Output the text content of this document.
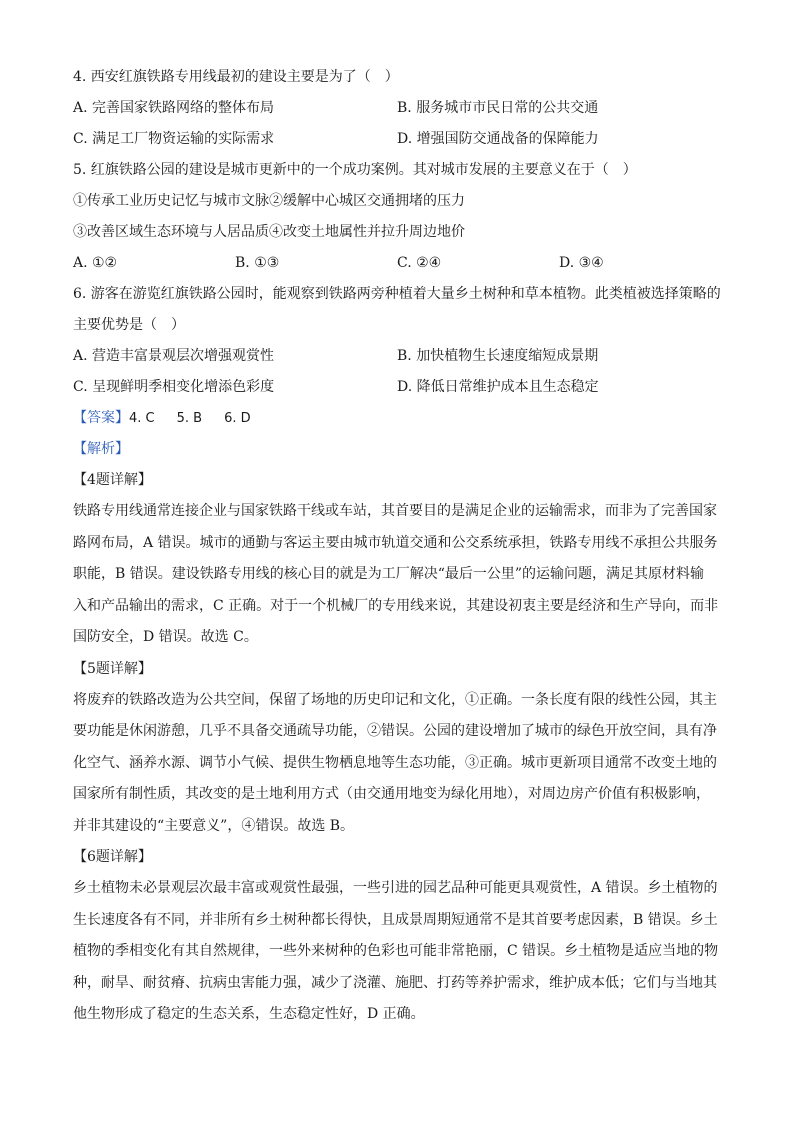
4. 西安红旗铁路专用线最初的建设主要是为了（　）
A. 完善国家铁路网络的整体布局	B. 服务城市市民日常的公共交通
C. 满足工厂物资运输的实际需求	D. 增强国防交通战备的保障能力
5. 红旗铁路公园的建设是城市更新中的一个成功案例。其对城市发展的主要意义在于（　）
①传承工业历史记忆与城市文脉②缓解中心城区交通拥堵的压力
③改善区域生态环境与人居品质④改变土地属性并拉升周边地价
A. ①②	B. ①③	C. ②④	D. ③④
6. 游客在游览红旗铁路公园时，能观察到铁路两旁种植着大量乡土树种和草本植物。此类植被选择策略的
主要优势是（　）
A. 营造丰富景观层次增强观赏性	B. 加快植物生长速度缩短成景期
C. 呈现鲜明季相变化增添色彩度	D. 降低日常维护成本且生态稳定
【答案】4. C 5. B 6. D
【解析】
【4题详解】

铁路专用线通常连接企业与国家铁路干线或车站，其首要目的是满足企业的运输需求，而非为了完善国家

路网布局，A 错误。城市的通勤与客运主要由城市轨道交通和公交系统承担，铁路专用线不承担公共服务

职能，B 错误。建设铁路专用线的核心目的就是为工厂解决“最后一公里”的运输问题，满足其原材料输

入和产品输出的需求，C 正确。对于一个机械厂的专用线来说，其建设初衷主要是经济和生产导向，而非

国防安全，D 错误。故选 C。

【5题详解】

将废弃的铁路改造为公共空间，保留了场地的历史印记和文化，①正确。一条长度有限的线性公园，其主

要功能是休闲游憩，几乎不具备交通疏导功能，②错误。公园的建设增加了城市的绿色开放空间，具有净

化空气、涵养水源、调节小气候、提供生物栖息地等生态功能，③正确。城市更新项目通常不改变土地的

国家所有制性质，其改变的是土地利用方式（由交通用地变为绿化用地），对周边房产价值有积极影响，

并非其建设的“主要意义”，④错误。故选 B。

【6题详解】

乡土植物未必景观层次最丰富或观赏性最强，一些引进的园艺品种可能更具观赏性，A 错误。乡土植物的

生长速度各有不同，并非所有乡土树种都长得快，且成景周期短通常不是其首要考虑因素，B 错误。乡土

植物的季相变化有其自然规律，一些外来树种的色彩也可能非常艳丽，C 错误。乡土植物是适应当地的物

种，耐旱、耐贫瘠、抗病虫害能力强，减少了浇灌、施肥、打药等养护需求，维护成本低；它们与当地其

他生物形成了稳定的生态关系，生态稳定性好，D 正确。
